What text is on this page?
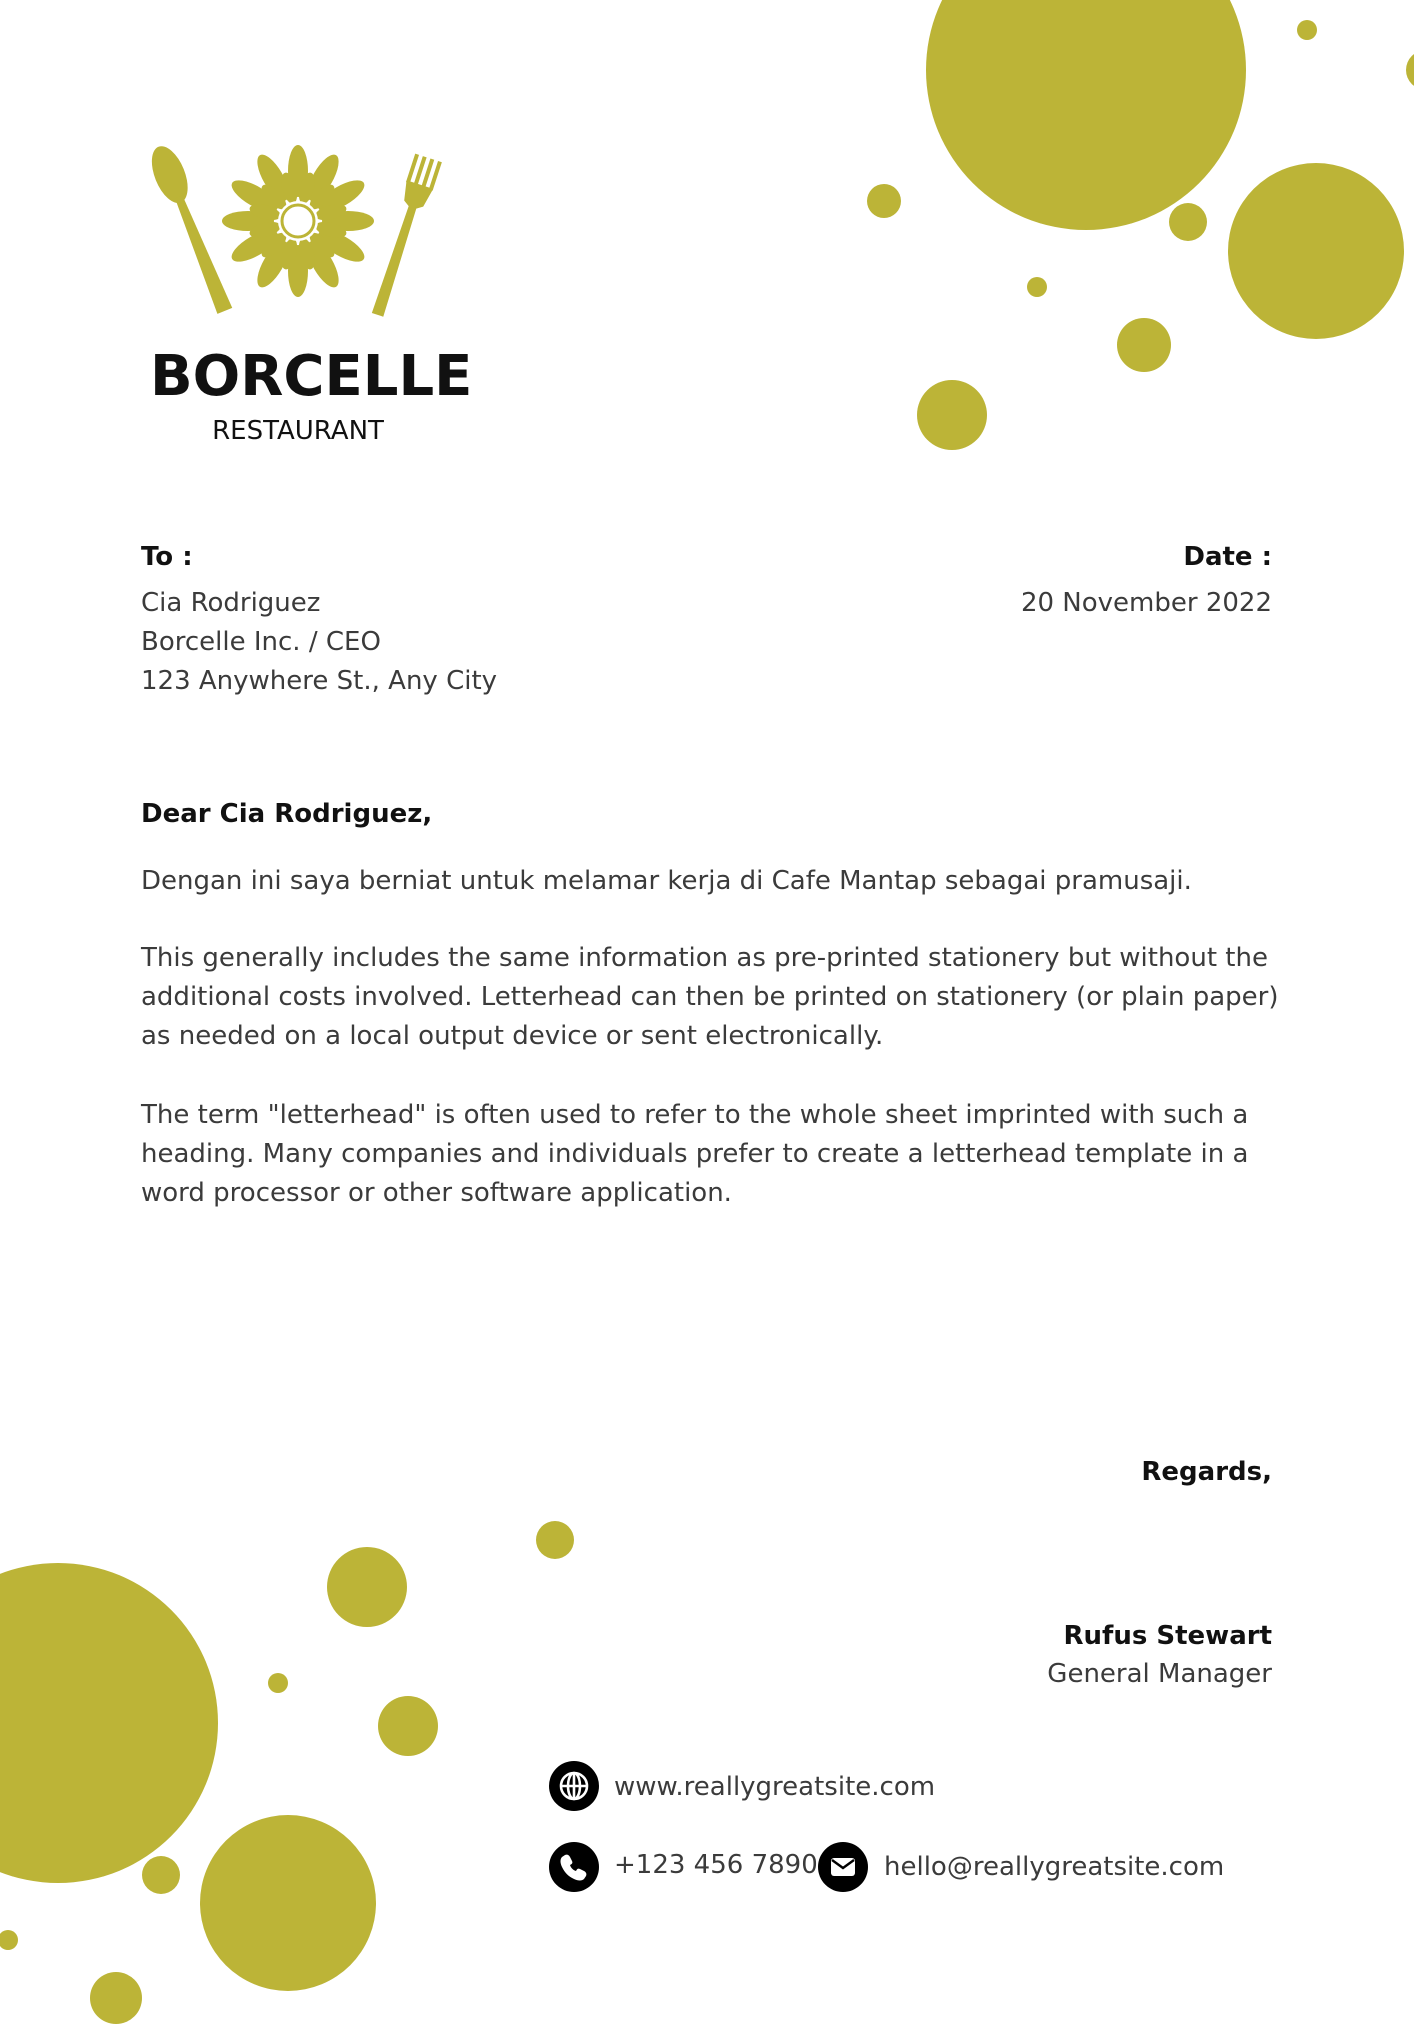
BORCELLE
RESTAURANT
To :
Cia Rodriguez
Borcelle Inc. / CEO
123 Anywhere St., Any City
Date :
20 November 2022
Dear Cia Rodriguez,
Dengan ini saya berniat untuk melamar kerja di Cafe Mantap sebagai pramusaji.
This generally includes the same information as pre-printed stationery but without the additional costs involved. Letterhead can then be printed on stationery (or plain paper) as needed on a local output device or sent electronically.
The term "letterhead" is often used to refer to the whole sheet imprinted with such a heading. Many companies and individuals prefer to create a letterhead template in a word processor or other software application.
Regards,
Rufus Stewart
General Manager
www.reallygreatsite.com
+123 456 7890	hello@reallygreatsite.com
